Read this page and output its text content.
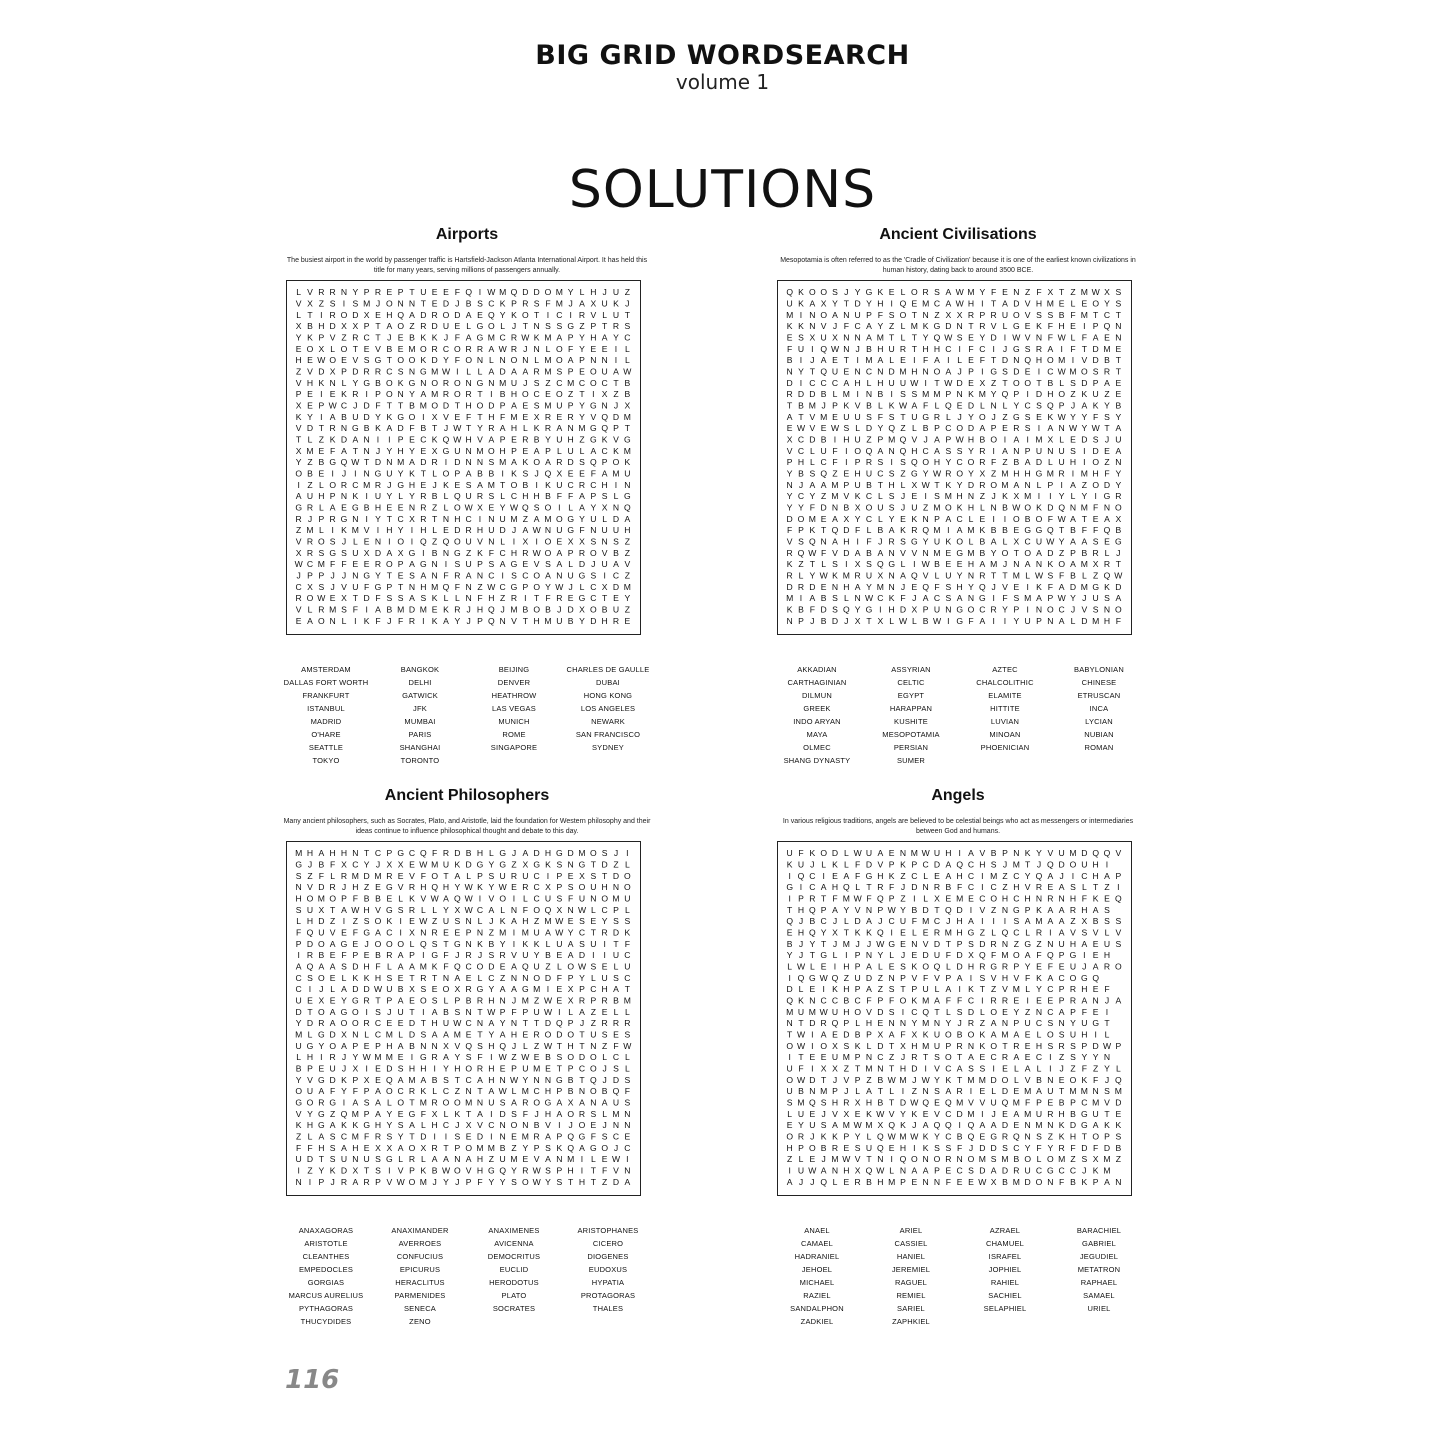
BIG GRID WORDSEARCH
volume 1
SOLUTIONS
Airports
The busiest airport in the world by passenger traffic is Hartsfield-Jackson Atlanta International Airport. It has held this title for many years, serving millions of passengers annually.
L V R R N Y P R E P T U E E F Q I W M Q D D O M Y L H J U Z
V X Z S I S M J O N N T E D J B S C K P R S F M J A X U K J
L T I R O D X E H Q A D R O D A E Q Y K O T I C I R V L U T
X B H D X X P T A O Z R D U E L G O L J T N S S G Z P T R S
Y K P V Z R C T J E B K K J F A G M C R W K M A P Y H A Y C
E O X L O T E V B E M O R C O R R A W R J N L O F Y E E I L
H E W O E V S G T O O K D Y F O N L N O N L M O A P N N I L
Z V D X P D R R C S N G M W I L L A D A A R M S P E O U A W
V H K N L Y G B O K G N O R O N G N M U J S Z C M C O C T B
P E I E K R I P O N Y A M R O R T I B H O C E O Z T I X Z B
X E P W C J D F T T B M O D T H O D P A E S M U P Y G N J X
K Y I A B U D Y K G O I X V E F T H F M E X R E R Y V Q D M
V D T R N G B K A D F B T J W T Y R A H L K R A N M G Q P T
T L Z K D A N I I P E C K Q W H V A P E R B Y U H Z G K V G
X M E F A T N J Y H Y E X G U N M O H P E A P L U L A C K M
Y Z B G Q W T D N M A D R I D N N S M A K O A R D S Q P O K
O B E I J I N G U Y K T L O P A B B I K S J Q X E E F A M U
I Z L O R C M R J G H E J K E S A M T O B I K U C R C H I N
A U H P N K I U Y L Y R B L Q U R S L C H H B F F A P S L G
G R L A E G B H E E N R Z L O W X E Y W Q S O I L A Y X N Q
R J P R G N I Y T C X R T N H C I N U M Z A M O G Y U L D A
Z M L I K M V I H Y I H L E D R H U D J A W N U G F N U U H
V R O S J L E N I O I Q Z Q O U V N L I X I O E X X S N S Z
X R S G S U X D A X G I B N G Z K F C H R W O A P R O V B Z
W C M F F E E R O P A G N I S U P S A G E V S A L D J U A V
J P P J J N G Y T E S A N F R A N C I S C O A N U G S I C Z
C X S J V U F G P T N H M Q F N Z W C G P O Y W J L C X D M
R O W E X T D F S S A S K L L N F H Z R I T F R E G C T E Y
V L R M S F I A B M D M E K R J H Q J M B O B J D X O B U Z
E A O N L I K F J F R I K A Y J P Q N V T H M U B Y D H R E
AMSTERDAM	BANGKOK	BEIJING	CHARLES DE GAULLE
DALLAS FORT WORTH	DELHI	DENVER	DUBAI
FRANKFURT	GATWICK	HEATHROW	HONG KONG
ISTANBUL	JFK	LAS VEGAS	LOS ANGELES
MADRID	MUMBAI	MUNICH	NEWARK
O'HARE	PARIS	ROME	SAN FRANCISCO
SEATTLE	SHANGHAI	SINGAPORE	SYDNEY
TOKYO	TORONTO
Ancient Civilisations
Mesopotamia is often referred to as the 'Cradle of Civilization' because it is one of the earliest known civilizations in human history, dating back to around 3500 BCE.
Q K O O S J Y G K E L O R S A W M Y F E N Z F X T Z M W X S
U K A X Y T D Y H I Q E M C A W H I T A D V H M E L E O Y S
M I N O A N U P F S O T N Z X X R P R U O V S S B F M T C T
K K N V J F C A Y Z L M K G D N T R V L G E K F H E I P Q N
E S X U X N N A M T L T Y Q W S E Y D I W V N F W L F A E N
F U I Q W N J B H U R T H H C I F C I J G S R A I F T D M E
B I J A E T I M A L E I F A I L E F T D N Q H O M I V D B T
N Y T Q U E N C N D M H N O A J P I G S D E I C W M O S R T
D I C C C A H L H U U W I T W D E X Z T O O T B L S D P A E
R D D B L M I N B I S S M M P N K M Y Q P I D H O Z K U Z E
T B M J P K V B L K W A F L Q E D L N L Y C S Q P J A K Y B
A T V M E U U S F S T U G R L J Y O J Z G S E K W Y Y F S Y
E W V E W S L D Y Q Z L B P C O D A P E R S I A N W Y W T A
X C D B I H U Z P M Q V J A P W H B O I A I M X L E D S J U
V C L U F I O Q A N Q H C A S S Y R I A N P U N U S I D E A
P H L C F I P R S I S Q O H Y C O R F Z B A D L U H I O Z N
Y B S Q Z E H U C S Z G Y W R O Y X Z M H H G M R I M H F Y
N J A A M P U B T H L X W T K Y D R O M A N L P I A Z O D Y
Y C Y Z M V K C L S J E I S M H N Z J K X M I I Y L Y I G R
Y Y F D N B X O U S J U Z M O K H L N B W O K D Q N M F N O
D O M E A X Y C L Y E K N P A C L E I I O B O F W A T E A X
F P K T Q D F L B A K R Q M I A M K B B E G G Q T B F F Q B
V S Q N A H I F J R S G Y U K O L B A L X C U W Y A A S E G
R Q W F V D A B A N V V N M E G M B Y O T O A D Z P B R L J
K Z T L S I X S Q G L I W B E E H A M J N A N K O A M X R T
R L Y W K M R U X N A Q V L U Y N R T T M L W S F B L Z Q W
D R D E N H A Y M N J E Q F S H Y Q J V E I K F A D M G K D
M I A B S L N W C K F J A C S A N G I F S M A P W Y J U S A
K B F D S Q Y G I H D X P U N G O C R Y P I N O C J V S N O
N P J B D J X T X L W L B W I G F A I I Y U P N A L D M H F
AKKADIAN	ASSYRIAN	AZTEC	BABYLONIAN
CARTHAGINIAN	CELTIC	CHALCOLITHIC	CHINESE
DILMUN	EGYPT	ELAMITE	ETRUSCAN
GREEK	HARAPPAN	HITTITE	INCA
INDO ARYAN	KUSHITE	LUVIAN	LYCIAN
MAYA	MESOPOTAMIA	MINOAN	NUBIAN
OLMEC	PERSIAN	PHOENICIAN	ROMAN
SHANG DYNASTY	SUMER
Ancient Philosophers
Many ancient philosophers, such as Socrates, Plato, and Aristotle, laid the foundation for Western philosophy and their ideas continue to influence philosophical thought and debate to this day.
M H A H H N T C P G C Q F R D B H L G J A D H G D M O S J I
G J B F X C Y J X X E W M U K D G Y G Z X G K S N G T D Z L
S Z F L R M D M R E V F O T A L P S U R U C I P E X S T D O
N V D R J H Z E G V R H Q H Y W K Y W E R C X P S O U H N O
H O M O P F B B E L K V W A Q W I V O I L C U S F U N O M U
S U X T A W H V G S R L L Y X W C A L N F O Q X N W L C P L
L H D Z I Z S O K I E W Z U S N L J K A H Z M W E S E Y S S
F Q U V E F G A C I X N R E E P N Z M I M U A W Y C T R D K
P D O A G E J O O O L Q S T G N K B Y I K K L U A S U I T F
I R B E F P E B R A P I G F J R J S R V U Y B E A D I I U C
A Q A A S D H F L A A M K F Q C O D E A Q U Z L O W S E L U
C S O E L K K H S E T R T N A E L C Z N N O D F P Y L U S C
C I J L A D D W U B X S E O X R G Y A A G M I E X P C H A T
U E X E Y G R T P A E O S L P B R H N J M Z W E X R P R B M
D T O A G O I S J U T I A B S N T W P F P U W I L A Z E L L
Y D R A O O R C E E D T H U W C N A Y N T T D Q P J Z R R R
M L G D X N L C M L D S A A M E T Y A H E R O D O T U S E S
U G Y O A P E P H A B N N X V Q S H Q J L Z W T H T N Z F W
L H I R J Y W M M E I G R A Y S F I W Z W E B S O D O L C L
B P E U J X I E D S H H I Y H O R H E P U M E T P C O J S L
Y V G D K P X E Q A M A B S T C A H N W Y N N G B T Q J D S
O U A F Y F P A O C R K L C Z N T A W L M C H P B N O B Q F
G O R G I A S A L O T M R O O M N U S A R O G A X A N A U S
V Y G Z Q M P A Y E G F X L K T A I D S F J H A O R S L M N
K H G A K K G H Y S A L H C J X V C N O N B V I J O E J N N
Z L A S C M F R S Y T D I I S E D I N E M R A P Q G F S C E
F F H S A H E X X A O X R T P O M M B Z Y P S K Q A G O J C
U D T S U N U S G L R L A A N A H Z U M E V A N M I L E W I
I Z Y K D X T S I V P K B W O V H G Q Y R W S P H I T F V N
N I P J R A R P V W O M J Y J P F Y Y S O W Y S T H T Z D A
ANAXAGORAS	ANAXIMANDER	ANAXIMENES	ARISTOPHANES
ARISTOTLE	AVERROES	AVICENNA	CICERO
CLEANTHES	CONFUCIUS	DEMOCRITUS	DIOGENES
EMPEDOCLES	EPICURUS	EUCLID	EUDOXUS
GORGIAS	HERACLITUS	HERODOTUS	HYPATIA
MARCUS AURELIUS	PARMENIDES	PLATO	PROTAGORAS
PYTHAGORAS	SENECA	SOCRATES	THALES
THUCYDIDES	ZENO
Angels
In various religious traditions, angels are believed to be celestial beings who act as messengers or intermediaries between God and humans.
U F K O D L W U A E N M W U H I A V B P N K Y V U M D Q Q V
K U J L K L F D V P K P C D A Q C H S J M T J Q D O U H I
I Q C I E A F G H K Z C L E A H C I M Z C Y Q A J I C H A P
G I C A H Q L T R F J D N R B F C I C Z H V R E A S L T Z I
I P R T F M W F Q P Z I L X E M E C O H C H N R N H F K E Q
T H Q P A Y V N P W Y B D T Q D I V Z N G P K A A R H A S
Q J B C J L D A J C U F M C J H A I I I S A M A A Z X B S S
E H Q Y X T K K Q I E L E R M H G Z L Q C L R I A V S V L V
B J Y T J M J J W G E N V D T P S D R N Z G Z N U H A E U S
Y J T G L I P N Y L J E D U F D X Q F M O A F Q P G I E H
L W L E I H P A L E S K O Q L D H R G R P Y E F E U J A R O
I Q G W Q Z U D Z N P V F V P A I S V H V F K A C O G Q
D L E I K H P A Z S T P U L A I K T Z V M L Y C P R H E F
Q K N C C B C F P F O K M A F F C I R R E I E E P R A N J A
M U M W U H O V D S I C Q T L S D L O E Y Z N C A P F E I
N T D R Q P L H E N N Y M N Y J R Z A N P U C S N Y U G T
T W I A E D B P X A F X K U O B O K A M A E L O S U H I L
O W I O X S K L D T X H M U P R N K O T R E H S R S P D W P
I T E E U M P N C Z J R T S O T A E C R A E C I Z S Y Y N
U F I X X Z T M N T H D I V C A S S I E L A L I J Z F Z Y L
O W D T J V P Z B W M J W Y K T M M D O L V B N E O K F J Q
U B N M P J L A T L I Z N S A R I E L D E M A U T M M N S M
S M Q S H R X H B T D W Q E Q M V V U Q M F P E B P C M V D
L U E J V X E K W V Y K E V C D M I J E A M U R H B G U T E
E Y U S A M W M X Q K J A Q Q I Q A A D E N M N K D G A K K
O R J K K P Y L Q W M W K Y C B Q E G R Q N S Z K H T O P S
H P O B R E S U Q E H I K S S F J D D S C Y F Y R F D F D B
Z L E J M W V T N I Q O N O R N O M S M B O L O M Z S X M Z
I U W A N H X Q W L N A A P E C S D A D R U C G C C J K M
A J J Q L E R B H M P E N N F E E W X B M D O N F B K P A N
ANAEL	ARIEL	AZRAEL	BARACHIEL
CAMAEL	CASSIEL	CHAMUEL	GABRIEL
HADRANIEL	HANIEL	ISRAFEL	JEGUDIEL
JEHOEL	JEREMIEL	JOPHIEL	METATRON
MICHAEL	RAGUEL	RAHIEL	RAPHAEL
RAZIEL	REMIEL	SACHIEL	SAMAEL
SANDALPHON	SARIEL	SELAPHIEL	URIEL
ZADKIEL	ZAPHKIEL
116
